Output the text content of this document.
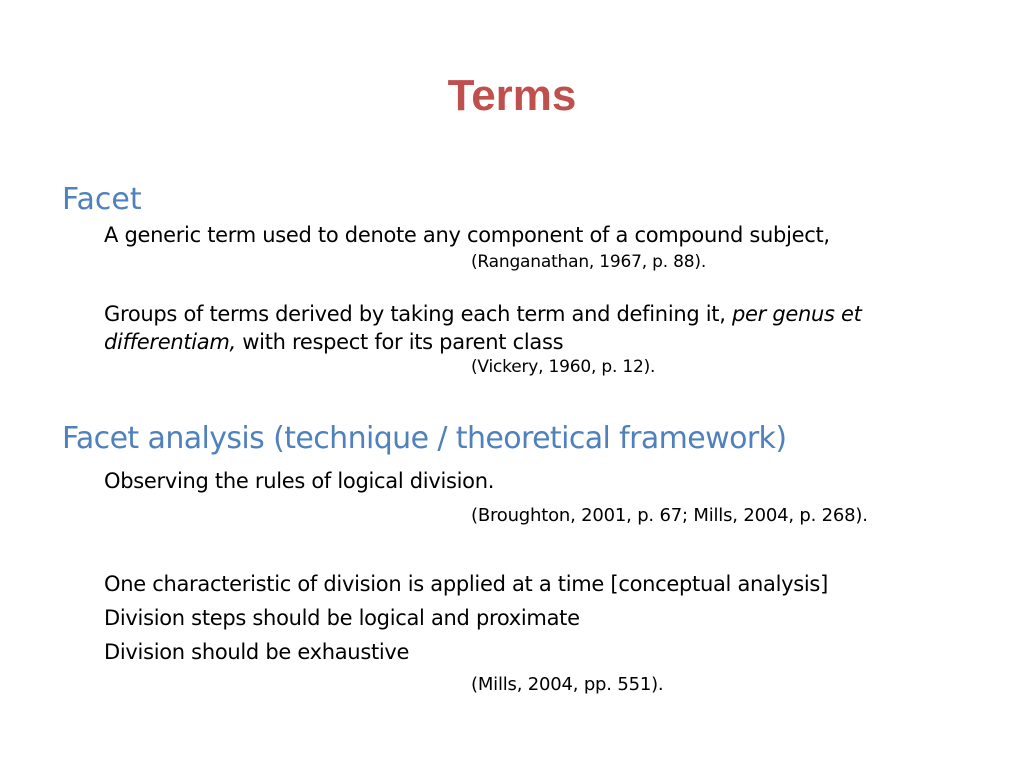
Terms
Facet
A generic term used to denote any component of a compound subject,
(Ranganathan, 1967, p. 88).
Groups of terms derived by taking each term and defining it, per genus et
differentiam, with respect for its parent class
(Vickery, 1960, p. 12).
Facet analysis (technique / theoretical framework)
Observing the rules of logical division.
(Broughton, 2001, p. 67; Mills, 2004, p. 268).
One characteristic of division is applied at a time [conceptual analysis]
Division steps should be logical and proximate
Division should be exhaustive
(Mills, 2004, pp. 551).
